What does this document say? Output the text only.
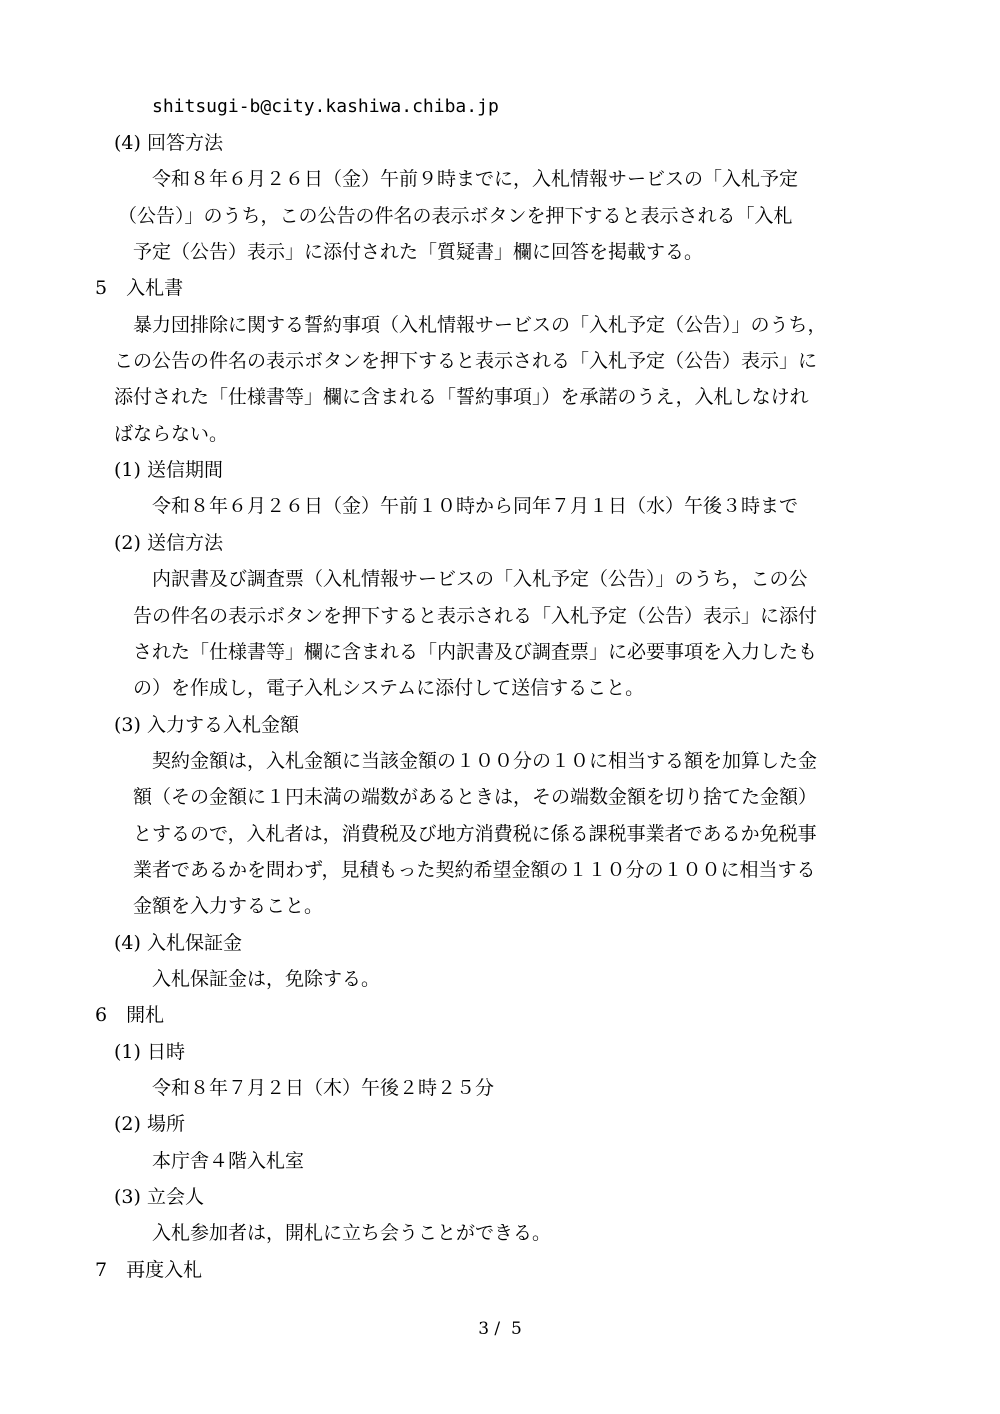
shitsugi-b@city.kashiwa.chiba.jp
(4) 回答方法
令和８年６月２６日（金）午前９時までに，入札情報サービスの「入札予定
（公告）」のうち，この公告の件名の表示ボタンを押下すると表示される「入札
予定（公告）表示」に添付された「質疑書」欄に回答を掲載する。
5　入札書
暴力団排除に関する誓約事項（入札情報サービスの「入札予定（公告）」のうち，
この公告の件名の表示ボタンを押下すると表示される「入札予定（公告）表示」に
添付された「仕様書等」欄に含まれる「誓約事項」）を承諾のうえ，入札しなけれ
ばならない。
(1) 送信期間
令和８年６月２６日（金）午前１０時から同年７月１日（水）午後３時まで
(2) 送信方法
内訳書及び調査票（入札情報サービスの「入札予定（公告）」のうち，この公
告の件名の表示ボタンを押下すると表示される「入札予定（公告）表示」に添付
された「仕様書等」欄に含まれる「内訳書及び調査票」に必要事項を入力したも
の）を作成し，電子入札システムに添付して送信すること。
(3) 入力する入札金額
契約金額は，入札金額に当該金額の１００分の１０に相当する額を加算した金
額（その金額に１円未満の端数があるときは，その端数金額を切り捨てた金額）
とするので，入札者は，消費税及び地方消費税に係る課税事業者であるか免税事
業者であるかを問わず，見積もった契約希望金額の１１０分の１００に相当する
金額を入力すること。
(4) 入札保証金
入札保証金は，免除する。
6　開札
(1) 日時
令和８年７月２日（木）午後２時２５分
(2) 場所
本庁舎４階入札室
(3) 立会人
入札参加者は，開札に立ち会うことができる。
7　再度入札
3 /  5
